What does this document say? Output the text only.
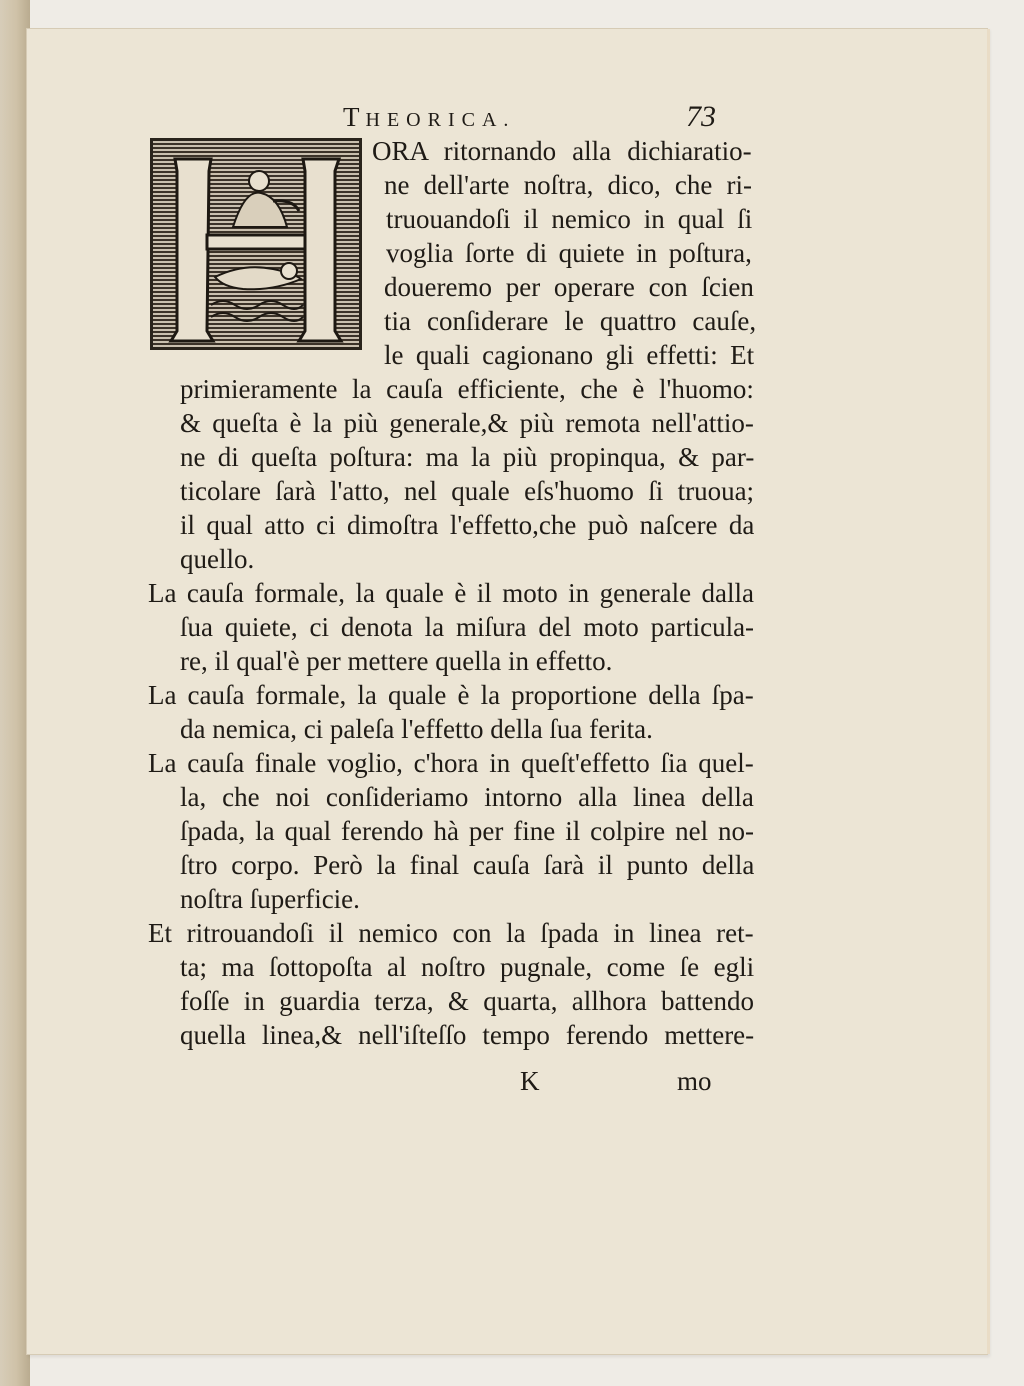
THEORICA.	73
ORA ritornando alla dichiaratio-
ne dell'arte noſtra, dico, che ri-
truouandoſi il nemico in qual ſi
voglia ſorte di quiete in poſtura,
doueremo per operare con ſcien
tia conſiderare le quattro cauſe,
le quali cagionano gli effetti: Et
primieramente la cauſa efficiente, che è l'huomo:
& queſta è la più generale,& più remota nell'attio-
ne di queſta poſtura: ma la più propinqua, & par-
ticolare ſarà l'atto, nel quale eſs'huomo ſi truoua;
il qual atto ci dimoſtra l'effetto,che può naſcere da
quello.
La cauſa formale, la quale è il moto in generale dalla
ſua quiete, ci denota la miſura del moto particula-
re, il qual'è per mettere quella in effetto.
La cauſa formale, la quale è la proportione della ſpa-
da nemica, ci paleſa l'effetto della ſua ferita.
La cauſa finale voglio, c'hora in queſt'effetto ſia quel-
la, che noi conſideriamo intorno alla linea della
ſpada, la qual ferendo hà per fine il colpire nel no-
ſtro corpo. Però la final cauſa ſarà il punto della
noſtra ſuperficie.
Et ritrouandoſi il nemico con la ſpada in linea ret-
ta; ma ſottopoſta al noſtro pugnale, come ſe egli
foſſe in guardia terza, & quarta, allhora battendo
quella linea,& nell'iſteſſo tempo ferendo mettere-
K	mo
